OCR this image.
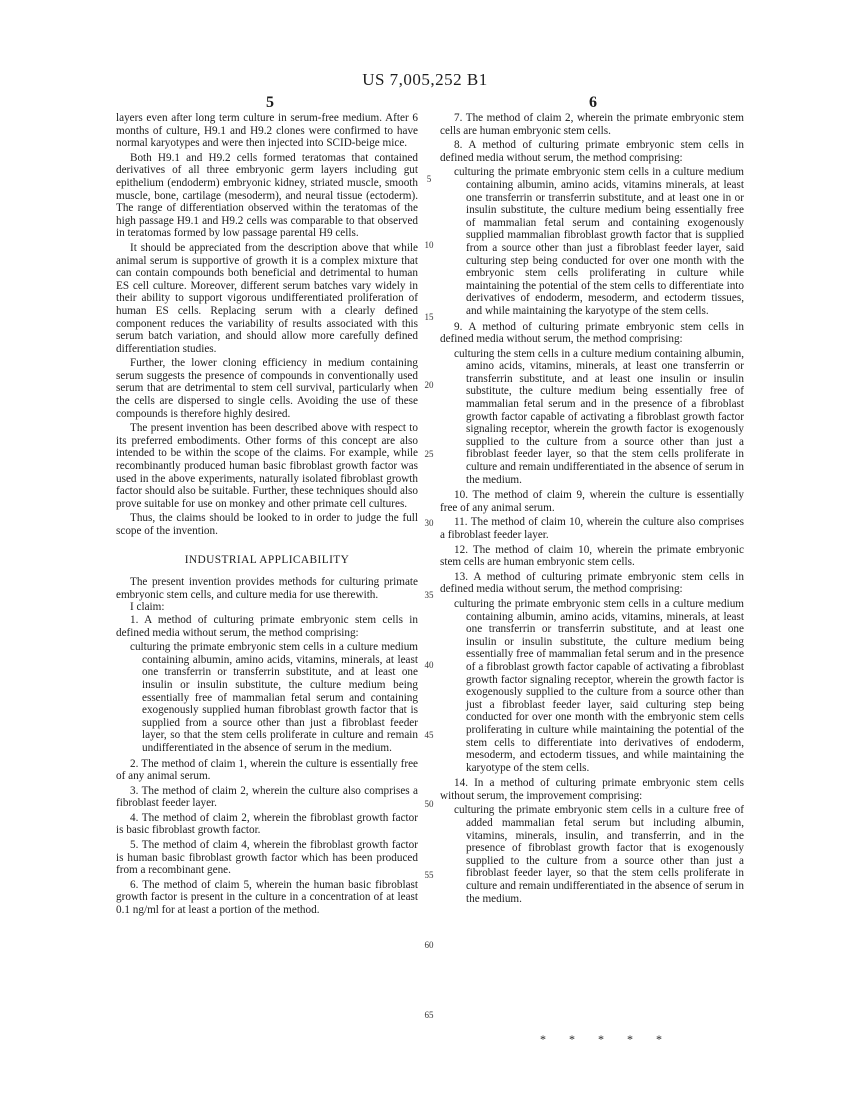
US 7,005,252 B1
5	6

layers even after long term culture in serum-free medium. After 6 months of culture, H9.1 and H9.2 clones were confirmed to have normal karyotypes and were then injected into SCID-beige mice.

Both H9.1 and H9.2 cells formed teratomas that contained derivatives of all three embryonic germ layers including gut epithelium (endoderm) embryonic kidney, striated muscle, smooth muscle, bone, cartilage (mesoderm), and neural tissue (ectoderm). The range of differentiation observed within the teratomas of the high passage H9.1 and H9.2 cells was comparable to that observed in teratomas formed by low passage parental H9 cells.

It should be appreciated from the description above that while animal serum is supportive of growth it is a complex mixture that can contain compounds both beneficial and detrimental to human ES cell culture. Moreover, different serum batches vary widely in their ability to support vigorous undifferentiated proliferation of human ES cells. Replacing serum with a clearly defined component reduces the variability of results associated with this serum batch variation, and should allow more carefully defined differentiation studies.

Further, the lower cloning efficiency in medium containing serum suggests the presence of compounds in conventionally used serum that are detrimental to stem cell survival, particularly when the cells are dispersed to single cells. Avoiding the use of these compounds is therefore highly desired.

The present invention has been described above with respect to its preferred embodiments. Other forms of this concept are also intended to be within the scope of the claims. For example, while recombinantly produced human basic fibroblast growth factor was used in the above experiments, naturally isolated fibroblast growth factor should also be suitable. Further, these techniques should also prove suitable for use on monkey and other primate cell cultures.

Thus, the claims should be looked to in order to judge the full scope of the invention.

INDUSTRIAL APPLICABILITY

The present invention provides methods for culturing primate embryonic stem cells, and culture media for use therewith.

I claim:

1. A method of culturing primate embryonic stem cells in defined media without serum, the method comprising:

culturing the primate embryonic stem cells in a culture medium containing albumin, amino acids, vitamins, minerals, at least one transferrin or transferrin substitute, and at least one insulin or insulin substitute, the culture medium being essentially free of mammalian fetal serum and containing exogenously supplied human fibroblast growth factor that is supplied from a source other than just a fibroblast feeder layer, so that the stem cells proliferate in culture and remain undifferentiated in the absence of serum in the medium.

2. The method of claim 1, wherein the culture is essentially free of any animal serum.

3. The method of claim 2, wherein the culture also comprises a fibroblast feeder layer.

4. The method of claim 2, wherein the fibroblast growth factor is basic fibroblast growth factor.

5. The method of claim 4, wherein the fibroblast growth factor is human basic fibroblast growth factor which has been produced from a recombinant gene.

6. The method of claim 5, wherein the human basic fibroblast growth factor is present in the culture in a concentration of at least 0.1 ng/ml for at least a portion of the method.

7. The method of claim 2, wherein the primate embryonic stem cells are human embryonic stem cells.

8. A method of culturing primate embryonic stem cells in defined media without serum, the method comprising:

culturing the primate embryonic stem cells in a culture medium containing albumin, amino acids, vitamins minerals, at least one transferrin or transferrin substitute, and at least one in or insulin substitute, the culture medium being essentially free of mammalian fetal serum and containing exogenously supplied mammalian fibroblast growth factor that is supplied from a source other than just a fibroblast feeder layer, said culturing step being conducted for over one month with the embryonic stem cells proliferating in culture while maintaining the potential of the stem cells to differentiate into derivatives of endoderm, mesoderm, and ectoderm tissues, and while maintaining the karyotype of the stem cells.

9. A method of culturing primate embryonic stem cells in defined media without serum, the method comprising:

culturing the stem cells in a culture medium containing albumin, amino acids, vitamins, minerals, at least one transferrin or transferrin substitute, and at least one insulin or insulin substitute, the culture medium being essentially free of mammalian fetal serum and in the presence of a fibroblast growth factor capable of activating a fibroblast growth factor signaling receptor, wherein the growth factor is exogenously supplied to the culture from a source other than just a fibroblast feeder layer, so that the stem cells proliferate in culture and remain undifferentiated in the absence of serum in the medium.

10. The method of claim 9, wherein the culture is essentially free of any animal serum.

11. The method of claim 10, wherein the culture also comprises a fibroblast feeder layer.

12. The method of claim 10, wherein the primate embryonic stem cells are human embryonic stem cells.

13. A method of culturing primate embryonic stem cells in defined media without serum, the method comprising:

culturing the primate embryonic stem cells in a culture medium containing albumin, amino acids, vitamins, minerals, at least one transferrin or transferrin substitute, and at least one insulin or insulin substitute, the culture medium being essentially free of mammalian fetal serum and in the presence of a fibroblast growth factor capable of activating a fibroblast growth factor signaling receptor, wherein the growth factor is exogenously supplied to the culture from a source other than just a fibroblast feeder layer, said culturing step being conducted for over one month with the embryonic stem cells proliferating in culture while maintaining the potential of the stem cells to differentiate into derivatives of endoderm, mesoderm, and ectoderm tissues, and while maintaining the karyotype of the stem cells.

14. In a method of culturing primate embryonic stem cells without serum, the improvement comprising:

culturing the primate embryonic stem cells in a culture free of added mammalian fetal serum but including albumin, vitamins, minerals, insulin, and transferrin, and in the presence of fibroblast growth factor that is exogenously supplied to the culture from a source other than just a fibroblast feeder layer, so that the stem cells proliferate in culture and remain undifferentiated in the absence of serum in the medium.

5
10
15
20
25
30
35
40
45
50
55
60
65
* * * * *
